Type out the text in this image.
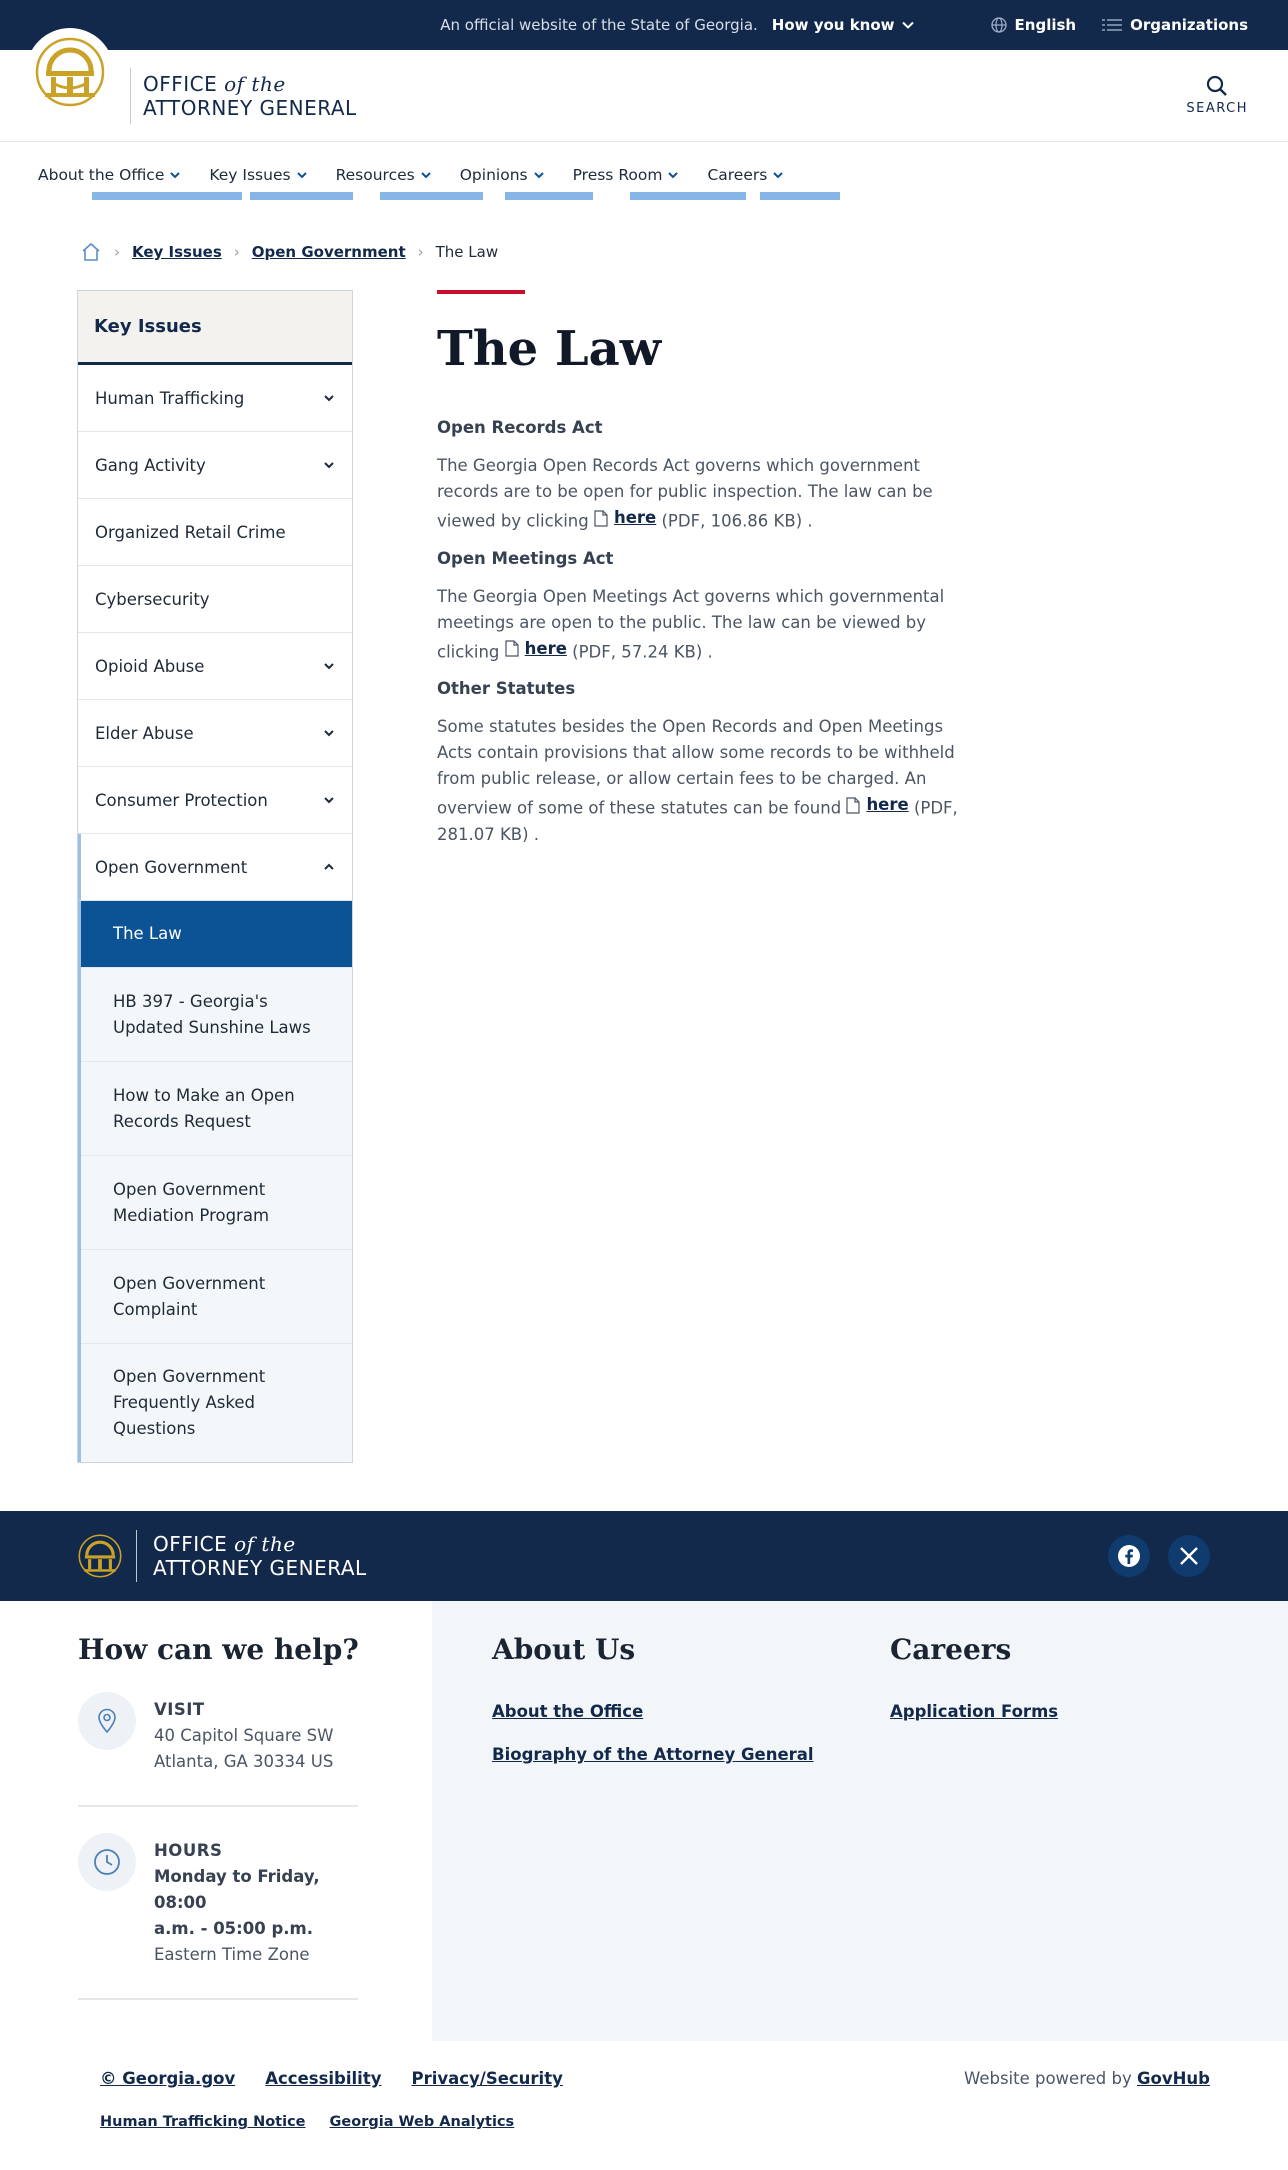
An official website of the State of Georgia. How you know	English	Organizations
OFFICE of the
ATTORNEY GENERAL	SEARCH
About the Office	Key Issues	Resources	Opinions	Press Room	Careers
› Key Issues › Open Government › The Law
Key Issues
Human Trafficking
Gang Activity
Organized Retail Crime
Cybersecurity
Opioid Abuse
Elder Abuse
Consumer Protection
Open Government
The Law
HB 397 - Georgia's Updated Sunshine Laws
How to Make an Open Records Request
Open Government Mediation Program
Open Government Complaint
Open Government Frequently Asked Questions
The Law
Open Records Act

The Georgia Open Records Act governs which government records are to be open for public inspection. The law can be viewed by clicking here (PDF, 106.86 KB) .

Open Meetings Act

The Georgia Open Meetings Act governs which governmental meetings are open to the public. The law can be viewed by clicking here (PDF, 57.24 KB) .

Other Statutes

Some statutes besides the Open Records and Open Meetings Acts contain provisions that allow some records to be withheld from public release, or allow certain fees to be charged. An overview of some of these statutes can be found here (PDF, 281.07 KB) .

OFFICE of the
ATTORNEY GENERAL
How can we help?
VISIT
40 Capitol Square SW
Atlanta, GA 30334 US
HOURS
Monday to Friday, 08:00
a.m. - 05:00 p.m.
Eastern Time Zone
About Us
About the Office
Biography of the Attorney General
Careers
Application Forms
© Georgia.gov Accessibility Privacy/Security	Website powered by GovHub
Human Trafficking Notice Georgia Web Analytics
